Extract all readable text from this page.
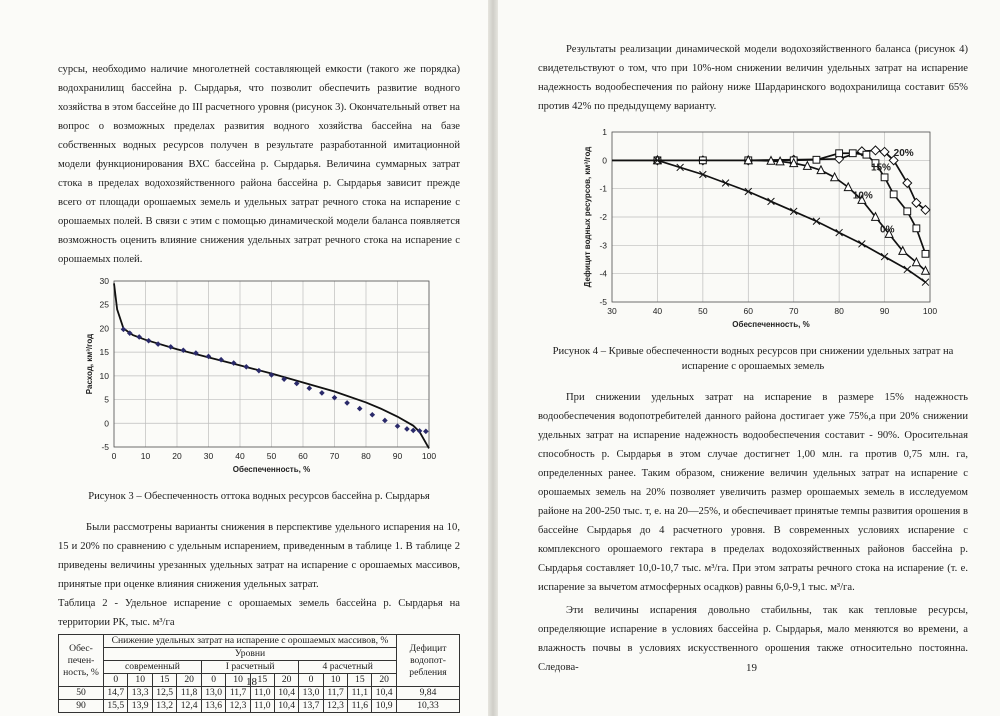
сурсы, необходимо наличие многолетней составляющей емкости (такого же порядка) водохранилищ бассейна р. Сырдарья, что позволит обеспечить развитие водного хозяйства в этом бассейне до III расчетного уровня (рисунок 3). Окончательный ответ на вопрос о возможных пределах развития водного хозяйства бассейна на базе собственных водных ресурсов получен в результате разработанной имитационной модели функционирования ВХС бассейна р. Сырдарья. Величина суммарных затрат стока в пределах водохозяйственного района бассейна р. Сырдарья зависит прежде всего от площади орошаемых земель и удельных затрат речного стока на испарение с орошаемых полей. В связи с этим с помощью динамической модели баланса появляется возможность оценить влияние снижения удельных затрат речного стока на испарение с орошаемых полей.

-5
0
5
10
15
20
25
30
0	10	20	30	40	50	60	70	80	90 100
Обеспеченность, %
Расход, км³/год
Рисунок 3 – Обеспеченность оттока водных ресурсов бассейна р. Сырдарья

Были рассмотрены варианты снижения в перспективе удельного испарения на 10, 15 и 20% по сравнению с удельным испарением, приведенным в таблице 1. В таблице 2 приведены величины урезанных удельных затрат на испарение с орошаемых массивов, принятые при оценке влияния снижения удельных затрат.

Таблица 2 - Удельное испарение с орошаемых земель бассейна р. Сырдарья на территории РК, тыс. м³/га

Обес-печен-ность, %	Снижение удельных затрат на испарение с орошаемых массивов, %												Дефицит водопот-ребления
	Уровни												
	современный				I расчетный				4 расчетный				
	0	10	15	20	0	10	15	20	0	10	15	20	
50	14,7	13,3	12,5	11,8	13,0	11,7	11,0	10,4	13,0	11,7	11,1	10,4	9,84
90	15,5	13,9	13,2	12,4	13,6	12,3	11,0	10,4	13,7	12,3	11,6	10,9	10,33
18

Результаты реализации динамической модели водохозяйственного баланса (рисунок 4) свидетельствуют о том, что при 10%-ном снижении величин удельных затрат на испарение надежность водообеспечения по району ниже Шардаринского водохранилища составит 65% против 42% по предыдущему варианту.

-5
-4
-3
-2
-1
0
1
30	40	50	60	70	80	90	100
Обеспеченность, %
Дефицит водных ресурсов, км³/год	20%
15%
10%
0%
Рисунок 4 – Кривые обеспеченности водных ресурсов при снижении удельных затрат на испарение с орошаемых земель

При снижении удельных затрат на испарение в размере 15% надежность водообеспечения водопотребителей данного района достигает уже 75%,а при 20% снижении удельных затрат на испарение надежность водообеспечения составит - 90%. Оросительная способность р. Сырдарья в этом случае достигнет 1,00 млн. га против 0,75 млн. га, определенных ранее. Таким образом, снижение величин удельных затрат на испарение с орошаемых земель на 20% позволяет увеличить размер орошаемых земель в исследуемом районе на 200-250 тыс. т, е. на 20—25%, и обеспечивает принятые темпы развития орошения в бассейне Сырдарья до 4 расчетного уровня. В современных условиях испарение с комплексного орошаемого гектара в пределах водохозяйственных районов бассейна р. Сырдарья составляет 10,0-10,7 тыс. м³/га. При этом затраты речного стока на испарение (т. е. испарение за вычетом атмосферных осадков) равны 6,0-9,1 тыс. м³/га.

Эти величины испарения довольно стабильны, так как тепловые ресурсы, определяющие испарение в условиях бассейна р. Сырдарья, мало меняются во времени, а влажность почвы в условиях искусственного орошения также относительно постоянна. Следова-	19
